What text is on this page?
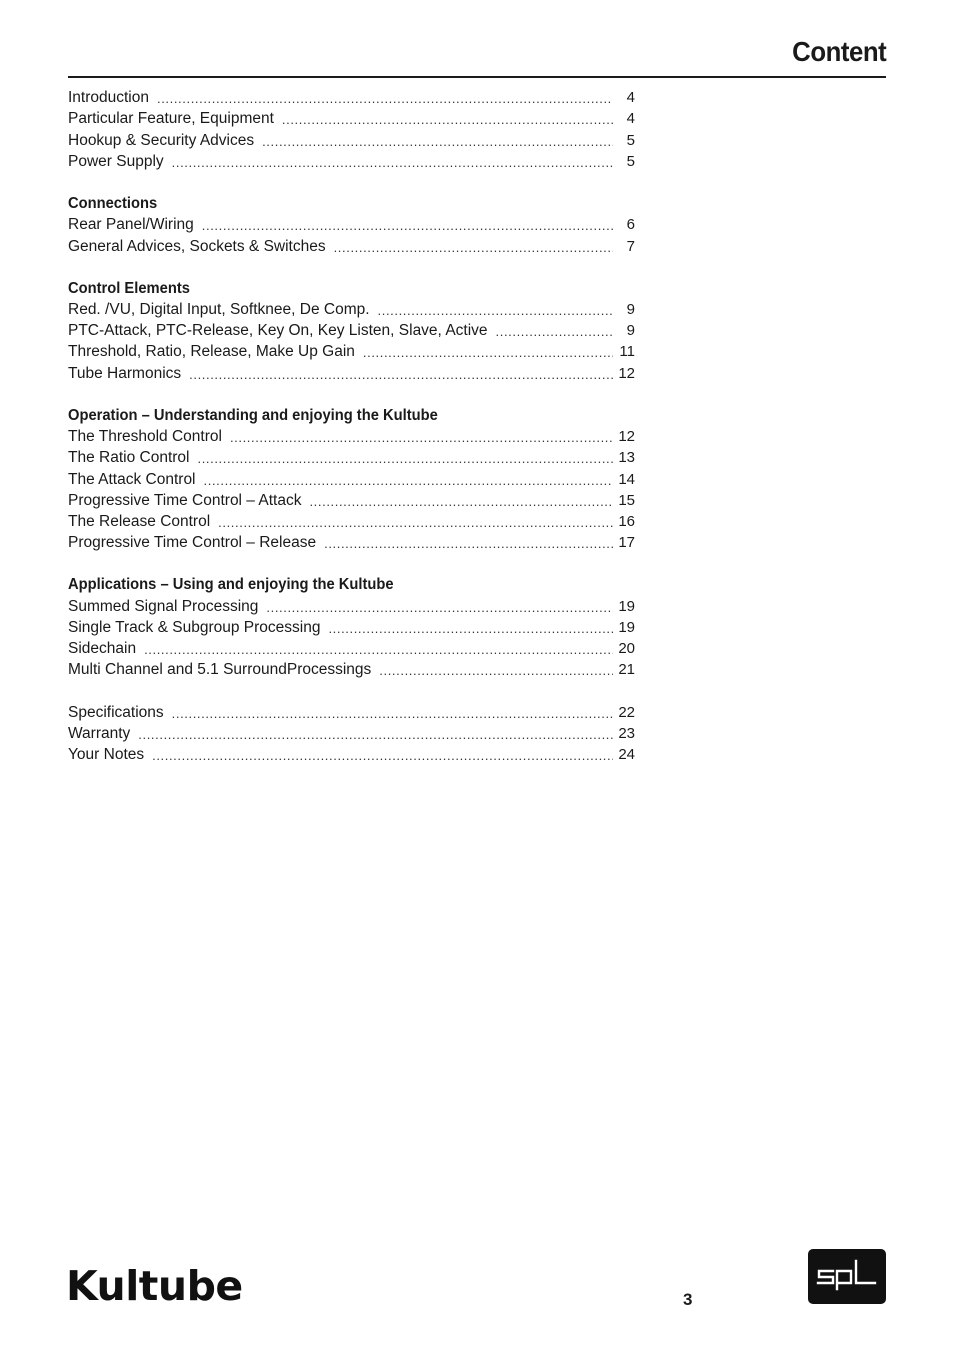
Content
Introduction .....	4
Particular Feature, Equipment .....	4
Hookup & Security Advices .....	5
Power Supply .....	5
Connections
Rear Panel/Wiring .....	6
General Advices, Sockets & Switches .....	7
Control Elements
Red. /VU, Digital Input, Softknee, De Comp. .....	9
PTC-Attack, PTC-Release, Key On, Key Listen, Slave, Active .....	9
Threshold, Ratio, Release, Make Up Gain .....	11
Tube Harmonics .....	12
Operation – Understanding and enjoying the Kultube
The Threshold Control .....	12
The Ratio Control .....	13
The Attack Control .....	14
Progressive Time Control – Attack .....	15
The Release Control .....	16
Progressive Time Control – Release .....	17
Applications – Using and enjoying the Kultube
Summed Signal Processing .....	19
Single Track & Subgroup Processing .....	19
Sidechain .....	20
Multi Channel and 5.1 SurroundProcessings .....	21
Specifications .....	22
Warranty .....	23
Your Notes .....	24
Kultube	3
